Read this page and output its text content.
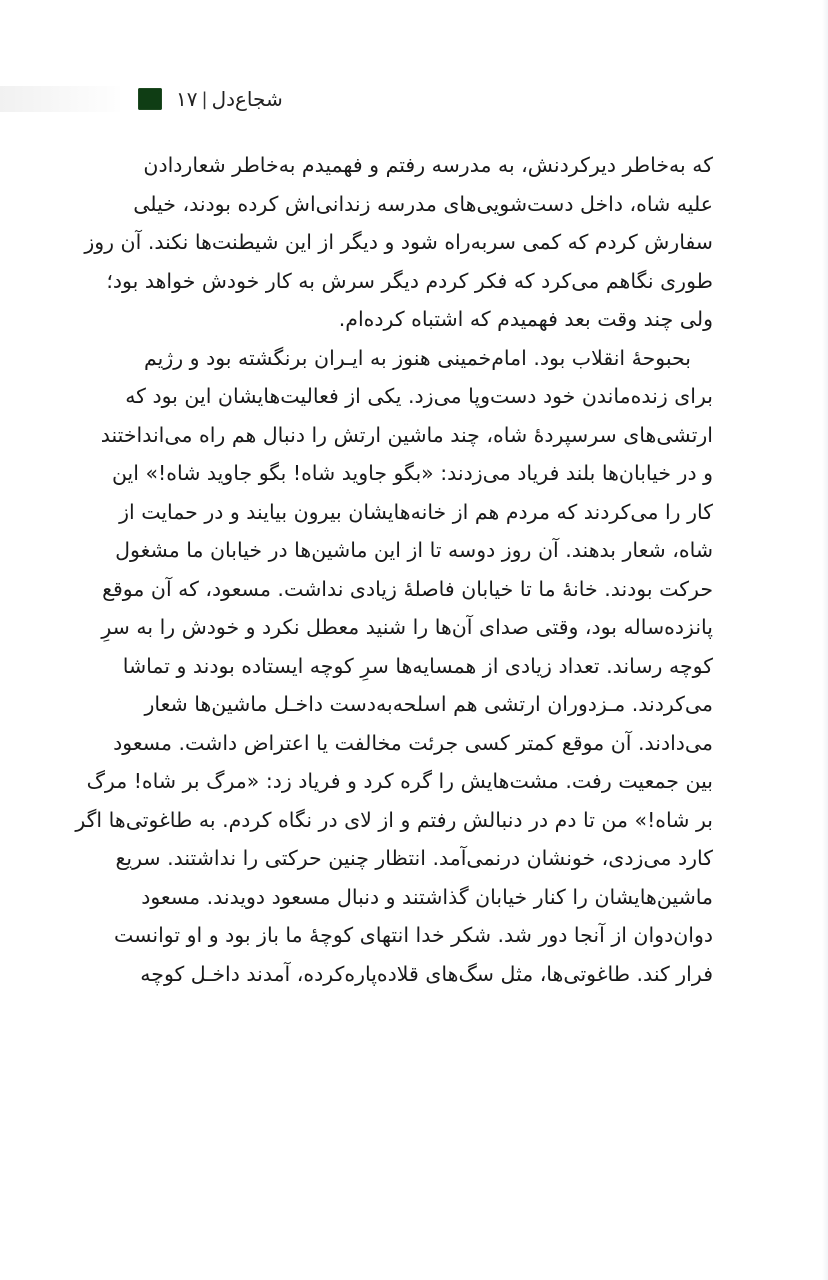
شجاع‌دل
|
۱۷
که به‌خاطر دیرکردنش، به مدرسه رفتم و فهمیدم به‌خاطر شعاردادن
علیه شاه، داخل دست‌شویی‌های مدرسه زندانی‌اش کرده بودند، خیلی
سفارش کردم که کمی سربه‌راه شود و دیگر از این شیطنت‌ها نکند. آن روز
طوری نگاهم می‌کرد که فکر کردم دیگر سرش به کار خودش خواهد بود؛
ولی چند وقت بعد فهمیدم که اشتباه کرده‌ام.
بحبوحهٔ انقلاب بود. امام‌خمینی هنوز به ایـران برنگشته بود و رژیم
برای زنده‌ماندن خود دست‌وپا می‌زد. یکی از فعالیت‌هایشان این بود که
ارتشی‌های سرسپردهٔ شاه، چند ماشین ارتش را دنبال هم راه می‌انداختند
و در خیابان‌ها بلند فریاد می‌زدند: «بگو جاوید شاه! بگو جاوید شاه!» این
کار را می‌کردند که مردم هم از خانه‌هایشان بیرون بیایند و در حمایت از
شاه، شعار بدهند. آن روز دوسه تا از این ماشین‌ها در خیابان ما مشغول
حرکت بودند. خانهٔ ما تا خیابان فاصلهٔ زیادی نداشت. مسعود، که آن موقع
پانزده‌ساله بود، وقتی صدای آن‌ها را شنید معطل نکرد و خودش را به سرِ
کوچه رساند. تعداد زیادی از همسایه‌ها سرِ کوچه ایستاده بودند و تماشا
می‌کردند. مـزدوران ارتشی هم اسلحه‌به‌دست داخـل ماشین‌ها شعار
می‌دادند. آن موقع کمتر کسی جرئت مخالفت یا اعتراض داشت. مسعود
بین جمعیت رفت. مشت‌هایش را گره کرد و فریاد زد: «مرگ بر شاه! مرگ
بر شاه!» من تا دم در دنبالش رفتم و از لای در نگاه کردم. به طاغوتی‌ها اگر
کارد می‌زدی، خونشان درنمی‌آمد. انتظار چنین حرکتی را نداشتند. سریع
ماشین‌هایشان را کنار خیابان گذاشتند و دنبال مسعود دویدند. مسعود
دوان‌دوان از آنجا دور شد. شکر خدا انتهای کوچهٔ ما باز بود و او توانست
فرار کند. طاغوتی‌ها، مثل سگ‌های قلاده‌پاره‌کرده، آمدند داخـل کوچه
